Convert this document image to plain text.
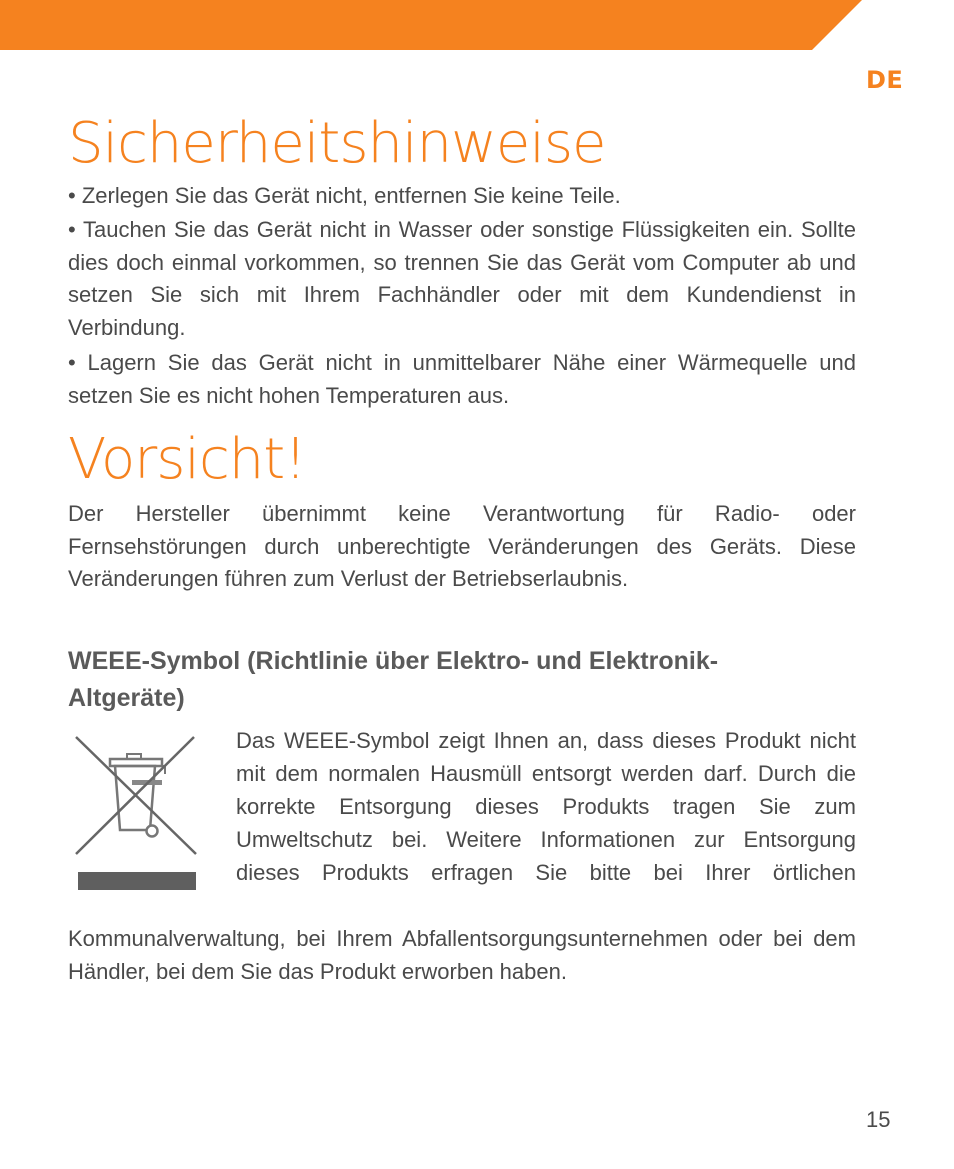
DE
Sicherheitshinweise

• Zerlegen Sie das Gerät nicht, entfernen Sie keine Teile.

• Tauchen Sie das Gerät nicht in Wasser oder sonstige Flüssigkeiten ein. Sollte dies doch einmal vorkommen, so trennen Sie das Gerät vom Computer ab und setzen Sie sich mit Ihrem Fachhändler oder mit dem Kundendienst in Verbindung.

• Lagern Sie das Gerät nicht in unmittelbarer Nähe einer Wärmequelle und setzen Sie es nicht hohen Temperaturen aus.

Vorsicht!

Der Hersteller übernimmt keine Verantwortung für Radio- oder Fernsehstörungen durch unberechtigte Veränderungen des Geräts. Diese Veränderungen führen zum Verlust der Betriebserlaubnis.

WEEE-Symbol (Richtlinie über Elektro- und Elektronik-Altgeräte)

Das WEEE-Symbol zeigt Ihnen an, dass dieses Produkt nicht mit dem normalen Hausmüll entsorgt werden darf. Durch die korrekte Entsorgung dieses Produkts tragen Sie zum Umweltschutz bei. Weitere Informationen zur Entsorgung dieses Produkts erfragen Sie bitte bei Ihrer örtlichen

Kommunalverwaltung, bei Ihrem Abfallentsorgungsunternehmen oder bei dem Händler, bei dem Sie das Produkt erworben haben.

15
